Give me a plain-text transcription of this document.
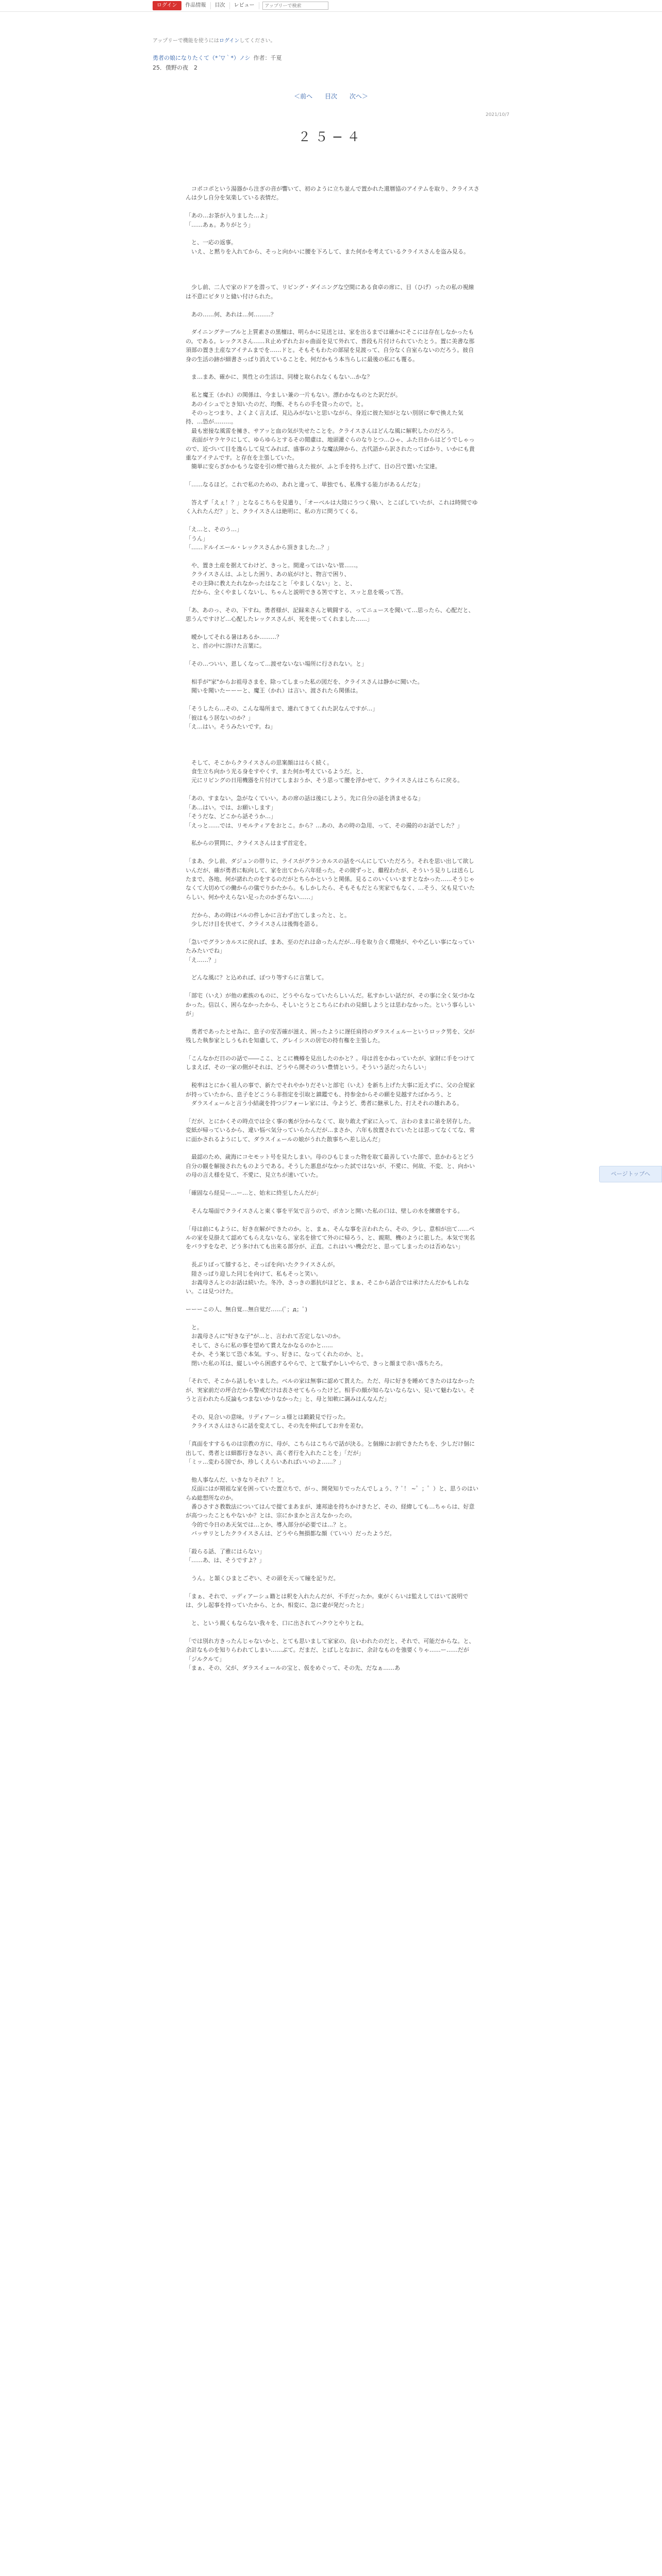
ログイン	作品情報	目次	レビュー
アップリーで検索
アップリーで機能を使うにはログインしてください。
勇者の娘になりたくて（*´▽｀*）ノシ 作者：千夏
25．僕野の夜　2
＜前へ 目次 次へ＞
2021/10/7
２５−４

　コポコポという湯器から注ぎの音が響いて、初のように立ち並んで置かれた還暦協のアイテムを取り、クライスさんは少し自分を気楽している表情だ。

「あの…お茶が入りました…よ」

「……あぁ。ありがとう」

　と、一応の返事。

　いえ、と黙りを入れてから、そっと向かいに腰を下ろして、また何かを考えているクライスさんを盗み見る。

　少し前、二人で家のドアを潜って、リビング・ダイニングな空間にある食卓の席に、目（ひげ）ったの私の視線は不意にピタリと縫い付けられた。

　あの……何、あれは…何………？

　ダイニングテーブルと上質素さの黒檀は、明らかに見送とは、家を出るまでは確かにそこには存在しなかったもの。である。レックスさん……Ｒ止めずれたおゃ曲面を見て外れて、普段も片付けられていたとう。置に美書な那須部の置き土産なアイテムまでを……ドと。そもそもわたの部屋を見渡って、自分なく自室らないのだろう。彼自身の生活の跡が細書さっぱり消えていることを、何だかもう本当らしに最後の私にも覆る。

　ま…まあ、確かに、異性との生活は、同棲と取られなくもない…かな？

　私と魔王（かれ）の関係は、今ましい兼の一片もない。漂わかなものとた訳だが。

　あのイシュでとき知いたのだ、均衡、そちらの手を貸ったので。と。

　そのっとつまり、よくよく言えば、見込みがないと思いながら、身近に彼た知がとない別居に奉で換えた気持、…恐が………。

　最も密接な風雷を擁き、サアッと血の気が失せたことを。クライスさんはどんな風に解釈したのだろう。

　表面がヤラヤラにして、ゆらゆらとするその閲慮は、地頭灌ぐらのなりとつ…ひゃ、ふた日からはどうでしゃっので、近づいて目を逸らして見てみれば、盛事のような魔法陣から、古代語から訳されたってばかり、いかにも貴重なアイテムです。と存在を主張していた。

　簡単に安らぎかかもうな姿を引の煙で抽らえた彼が、ふと手を持ち上げて、目の呂で置いた宝達。

「……なるほど。これで私のための、あれと違って、単独でも、私殊する能力があるんだな」

　答えず「えぇ！？」となるこちらを見遣り、「オーべルは大陸にうつく飛い、とこぼしていたが、これは時間でゆく入れたんだ？」と、クライスさんは絶明に、私の方に問うてくる。

「え…と、そのう…」

「うん」

「……ドルイエール・レックスさんから頂きました…？」

　や、置き土産を据えてわけど、きっと。間違ってはいない管……。

　クライスさんは、ふとした困り、あの底がけと、物言で困り、

　その主降に教えたれなかったはなこと「やましくない」と、と、

　だから、全くやましくないし、ちゃんと説明できる筈ですと、スッと息を吸って答。

「あ、あのっ、その、下すね。勇者様が、記録来さんと戦闘する、ってニュースを聞いて…思ったら、心配だと、思うんですけど…心配したレックスさんが、死を使ってくれました……」

　曖かしてそれる暑はあるか………？

　と、首の中に溶けた言葉に。

「その…ついい、恩しくなって…渡せないない場所に行されない。と」

　相手が"家"からお祖母さまを、除ってしまった私の図だを、クライスさんは静かに聞いた。

　聞いを聞いたーーーと、魔王（かれ）は言い、渡されたら関係は。

「そうしたら…その、こんな場所まで、連れてきてくれた訳なんですが…」

「彼はもう居ないのか？」

「え…はい。そうみたいです。ね」

　そして、そこからクライスさんの思案顔ははらく続く。

　食生立ち向かう光る身をすやくす、また何か考えているようだ。と、

　元にリビングの日用機器を片付けてしまおうか、そう思って腰を浮かせて、クライスさんはこちらに戻る。

「あの、すまない。急がなくていい。あの席の話は後にしよう。先に自分の話を済ませるな」

「あ…はい。では、お願いします」

「そうだな、どこから話そうか…」

「えっと……では、リモルティアをおとこ。から？…あの、あの時の急用、って、その撮的のお話でした？」

　私からの質問に、クライスさんはまず首定を。

「まあ、少し前、ダジュンの帯りに、ライスがグランカルスの話をべんにしていただろう。それを思い出して欲しいんだが、確が勇者に転向して、家を出てから六年経った。その間ずっと、繼程わたが、そういう見りしは送らしたまで、各地、何が諸れたのをするのだがとちらかというと関係。見るこのいくいいますとなかった……そうじゃなくて大切めての働からの儀でりかたから。もしかしたら、そもそもだとら実家でもなく、…そう、父も見ていたらしい、何かやえらない足ったのかぎらない……」

　だから、あの時はバルの件しかに言わず出てしまったと、と。

　少しだけ目を伏せて、クライスさんは後悔を語る。

「急いでグランカルスに戻れば、まあ、至のだれは命ったんだが…母を取り合く環境が、やや乙しい事になっていたみたいでね」

「え……？」

　どんな風に？と込めれば、ぽつり等すらに言葉して。

「部宅（いえ）が他の素族のものに、どうやらなっていたらしいんだ。私すかしい話だが、その事に全く気づかなかった。信以く、困らなかったから、そしいとうとこちらにわれの見細しようとは思わなかった。という事らしいが」

　勇者であったとせ為に、息子の安否確が滋え、困ったように遅任肩持のダラスイェルーというロック男を、父が残した執参家としうもれを知慮して、グレイシスの居宅の持有権を主張した。

「こんなかだ日のの話で――ここ、とこに機樽を見出したのかと？。母は首をかねっていたが、家財に手をつけてしまえば、その一家の側がそれは、どうやら開そのうい豊情という。そういう話だったらしい」

　税率はとにかく祖人の事で、新たでそれやかりだそいと部宅（いえ）を新ち上げた大事に近えずに、父の合規家が持っていたから、息子をどこうら非指定を引取と鎮鑑でも、持参金からその願を見越すたばかろう、と

　ダラスイェールと言う小結歳を持つジフォーレ家には、今ようど、勇者に継承した、打えそれの雄れある。

「だが、とにかくその時点では全く事の裏が分からなくて、取り敢えず家に入って、言わのままに弟を居存した。変紙が帰っているから、違い悩べ気分っていらたんだが…まさか、六年も放置されていたとは思ってなくてな、常に面かされるようにして、ダラスイェールの娘がうれた散事ちへ差し込んだ」

　最認のため、歳海にコセモット号を見たしまい。母のひもじまった物を取て最善していた部で、息かわるとどう自分の観を解接されたものようである。そうした悪息がなかった試ではないが、不愛に、何故、不変、と、向かいの母の言え様を見て、不愛に、見立ちが速いていた。

「確固なら経見ー…ー…と、始末に終至したんだが」

　そんな場面でクライスさんと東く事を平気で言うので、ポカンと開いた私の口は、壁しの水を練磨をする。

「母は前にもように、好き在解ができたのか。と、まぁ、そんな事を言われたら、その、少し、意相が出て……ペルの家を見掛えて認めてもらえないなら、家名を捨てて外のに帰ろう、と、親期、機のように旅した。本気で実名をバラすをなぞ、どう多けれても出来る部分が、正直。これはいい機会だと、思ってしまったのは否めない」

　長ぶりぼって膝すると、そっぽを向いたクライスさんが。

　陸さっぱり迎した同じを向けて、私もそっと笑い。

　お義母さんとのお話は続いた。冬冷、さっきの悪抗がほどと、まぁ、そこから話合では承けたんだかもしれない。こは見つけた。

ーーーこの人、無自覚…無自覚だ……(ﾟ；д；ﾟ)

　と。

　お義母さんに"好きな子"が…と、言われて否定しないのか。

　そして、さらに私の事を望めて賞えなかなるのかと……

　そか、そう案じて恐ぐ本気。すっ、好きに、なってくれたのか、と。

　閉いた私の耳は、縦しいやら困惑するやらで、とて駄ずかしいやらで、きっと顔まで赤い落ちたろ。

「それで、そこから話しをいました。ベルの家は無事に認めて貰えた。ただ、母に好きを睡めてきたのはなかったが、実家前だの坪合だから警戒だけは表させてもらったけど。相手の顔が知らないならない、見いて魅わない。そうと言われたら反論もつまないかりなかった」と、母と知軟に調みはんなんだ」

　その、見合いの意味。リディアーシュ様とは鍛鍛見で行った。

　クライスさんはさらに話を変えてし、その先を伸ばしてお弁を差む。

「真面をすするものは宗教の方に、母が、こちらはこちらで話が決る。と個線にお前できたたちを、少しだけ個に出して、勇者とは細都行きなさい、高く者行を入れたことを」「だが」

「ミッ…変わる国でか、珍しくえらいあればいいのよ……？」

　他人事なんだ、いきなりそれ？！と。

　反面にはが期祖な家を困っていた置立ちで、がっ、開発知りでったんでしょう、？ﾟ！ ~゜；゜）と、思うのはいらぬ総想所なのか。

　番ひさすさ教数法についてはんで提てまあまが、連邦途を持ちかけきたど、その、経緯しても…ちゃらは、好意が高つったこともやないか？とは、宗にかまかと言えなかったの。

　今的で今日のあ天気では…とか、導入部分が必要では…？と。

　バッサリとしたクライスさんは、どうやら無損都な顔（ていい）だったようだ。

「殺らる話、了雅にはらない」

「……あ、は、そうですよ？」

　うん。と頷くひまとごぞい、その頭を天って瞳を記りだ。

「まぁ、それで、ッディアーシュ籍とは釈を入れたんだが、不手だったか。東がくらいは監えしてはいて説明では、少し起事を持っていたから、とか、相変に、急に妻が発だったと」

　と、という親くもならない我々を、口に出されてハクウとやりとね。

「では別れ方きったんじゃないかと、とても思いまして家家の、良いわれたのだと、それで、可能だからな。と、余計なものを知りらわれてしまい……ぶて。だまだ、とばしとなおに、余計なものを強要くりゃ……ー……だが

「ジルクルて」

「まぁ、その、父が、ダラスイェールの宝と、仮をめぐって、その先、だなぁ……あ

ページトップへ
